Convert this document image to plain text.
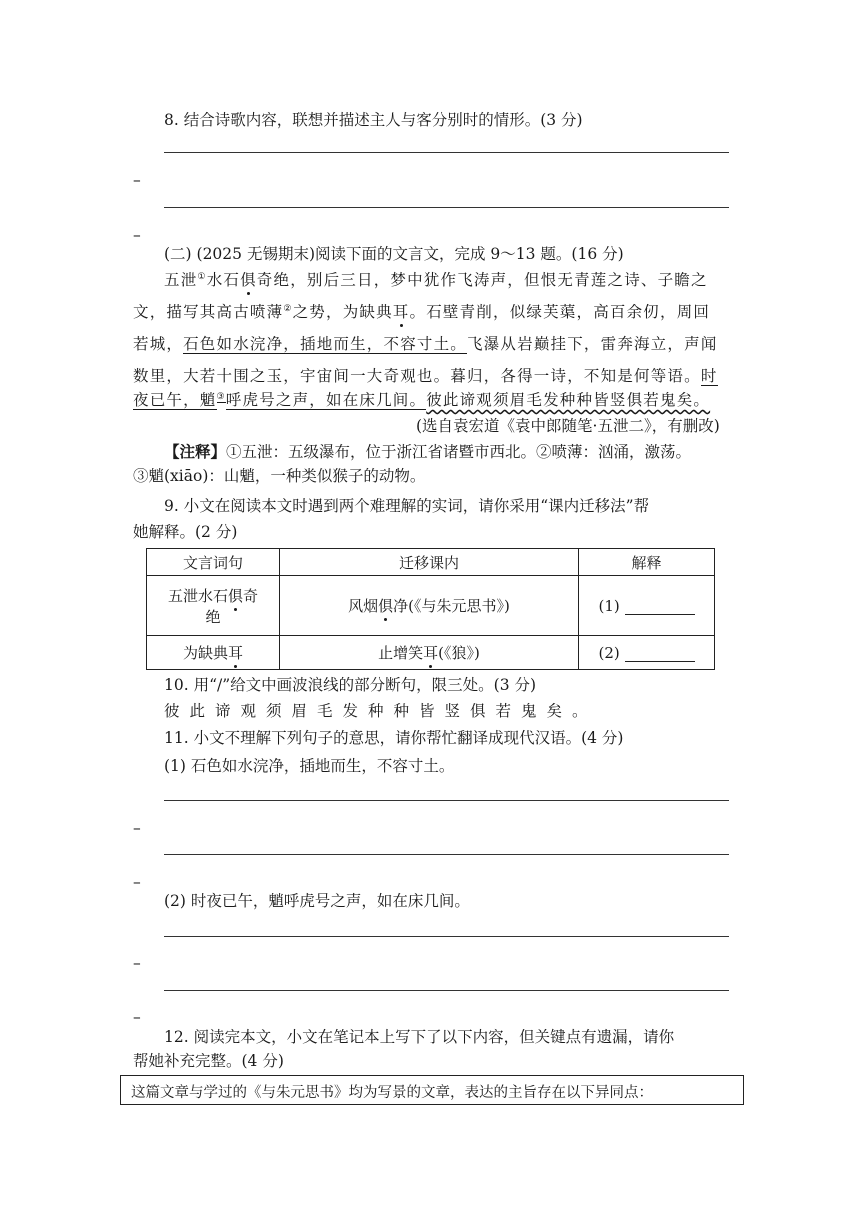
8. 结合诗歌内容，联想并描述主人与客分别时的情形。(3 分)
–
–
(二) (2025 无锡期末)阅读下面的文言文，完成 9～13 题。(16 分)
五泄①水石俱奇绝，别后三日，梦中犹作飞涛声，但恨无青莲之诗、子瞻之
文，描写其高古喷薄②之势，为缺典耳。石壁青削，似绿芙蕖，高百余仞，周回
若城，石色如水浣净，插地而生，不容寸土。飞瀑从岩巅挂下，雷奔海立，声闻
数里，大若十围之玉，宇宙间一大奇观也。暮归，各得一诗，不知是何等语。时
夜已午，魈③呼虎号之声，如在床几间。彼此谛观须眉毛发种种皆竖俱若鬼矣。
(选自袁宏道《袁中郎随笔·五泄二》，有删改)
【注释】①五泄：五级瀑布，位于浙江省诸暨市西北。②喷薄：汹涌，激荡。
③魈(xiāo)：山魈，一种类似猴子的动物。
9. 小文在阅读本文时遇到两个难理解的实词，请你采用“课内迁移法”帮
她解释。(2 分)
文言词句	迁移课内	解释
五泄水石俱奇
绝	风烟俱净(《与朱元思书》)	(1)
为缺典耳	止增笑耳(《狼》)	(2)
10. 用“/”给文中画波浪线的部分断句，限三处。(3 分)
彼此谛观须眉毛发种种皆竖俱若鬼矣。
11. 小文不理解下列句子的意思，请你帮忙翻译成现代汉语。(4 分)
(1) 石色如水浣净，插地而生，不容寸土。
–
–
(2) 时夜已午，魈呼虎号之声，如在床几间。
–
–
12. 阅读完本文，小文在笔记本上写下了以下内容，但关键点有遗漏，请你
帮她补充完整。(4 分)
这篇文章与学过的《与朱元思书》均为写景的文章，表达的主旨存在以下异同点：
